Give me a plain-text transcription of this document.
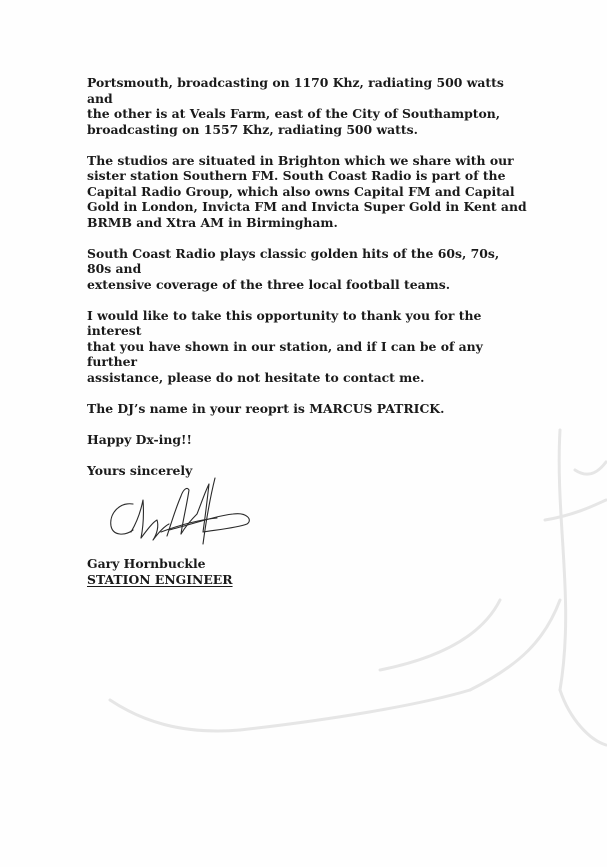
Portsmouth, broadcasting on 1170 Khz, radiating 500 watts and
the other is at Veals Farm, east of the City of Southampton,
broadcasting on 1557 Khz, radiating 500 watts.

The studios are situated in Brighton which we share with our
sister station Southern FM. South Coast Radio is part of the
Capital Radio Group, which also owns Capital FM and Capital
Gold in London, Invicta FM and Invicta Super Gold in Kent and
BRMB and Xtra AM in Birmingham.

South Coast Radio plays classic golden hits of the 60s, 70s, 80s and
extensive coverage of the three local football teams.

I would like to take this opportunity to thank you for the interest
that you have shown in our station, and if I can be of any further
assistance, please do not hesitate to contact me.

The DJ’s name in your reoprt is MARCUS PATRICK.

Happy Dx-ing!!

Yours sincerely

Gary Hornbuckle

STATION ENGINEER
